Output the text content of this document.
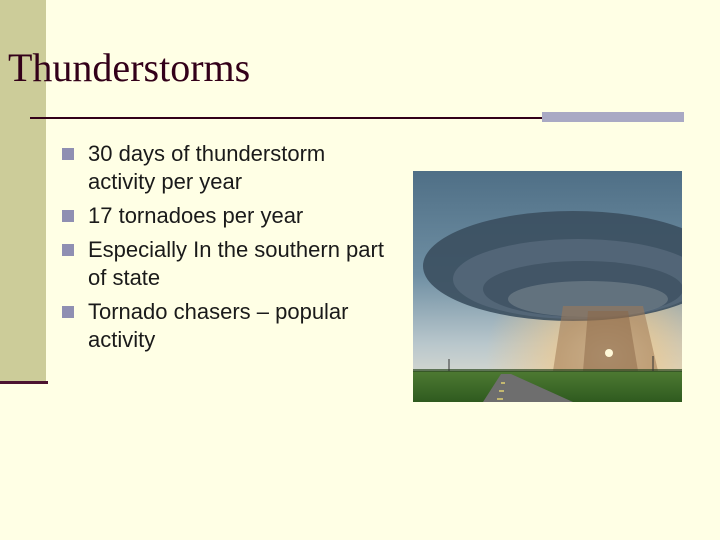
Thunderstorms
30 days of thunderstorm activity per year
17 tornadoes per year
Especially In the southern part of state
Tornado chasers – popular activity
